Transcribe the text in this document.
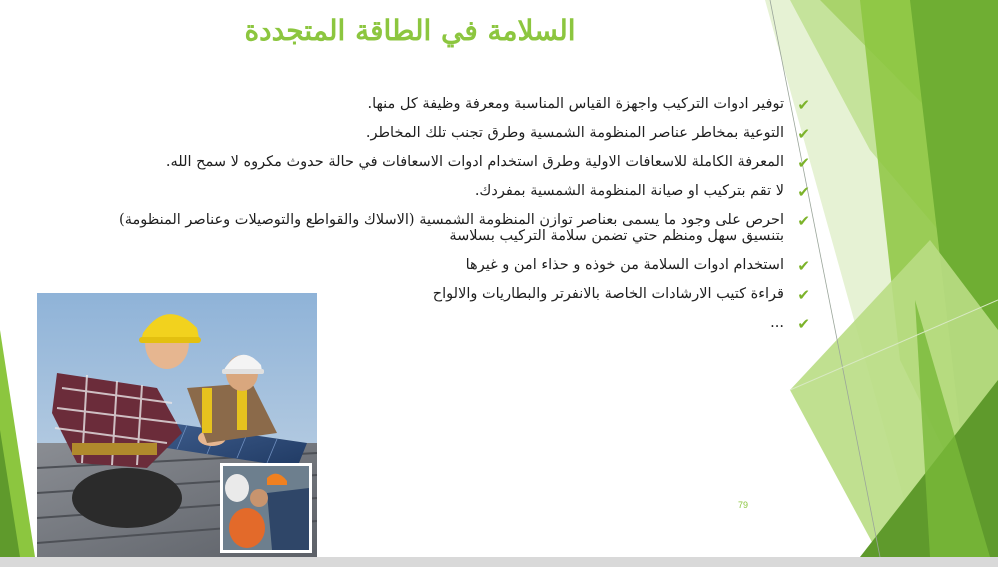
السلامة في الطاقة المتجددة
✔
توفير ادوات التركيب واجهزة القياس المناسبة ومعرفة وظيفة كل منها.
✔
التوعية بمخاطر عناصر المنظومة الشمسية وطرق تجنب تلك المخاطر.
✔
المعرفة الكاملة للاسعافات الاولية وطرق استخدام ادوات الاسعافات في حالة حدوث مكروه لا سمح الله.
✔
لا تقم بتركيب او صيانة المنظومة الشمسية بمفردك.
✔
احرص على وجود ما يسمى بعناصر توازن المنظومة الشمسية (الاسلاك والقواطع والتوصيلات وعناصر المنظومة) بتنسيق سهل ومنظم حتي تضمن سلامة التركيب بسلاسة
✔
استخدام ادوات السلامة من خوذه و حذاء امن و غيرها
✔
قراءة كتيب الارشادات الخاصة بالانفرتر والبطاريات والالواح
✔
...
79
